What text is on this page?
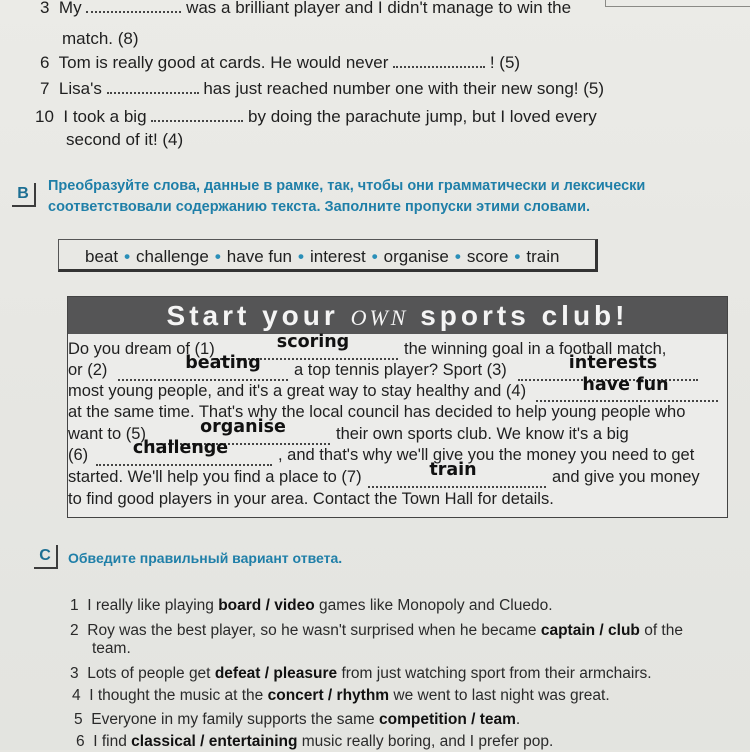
3 My	was a brilliant player and I didn't manage to win the
match. (8)
6 Tom is really good at cards. He would never	! (5)
7 Lisa's	has just reached number one with their new song! (5)
10 I took a big	by doing the parachute jump, but I loved every
second of it! (4)
B	Преобразуйте слова, данные в рамке, так, чтобы они грамматически и лексически
соответствовали содержанию текста. Заполните пропуски этими словами.
beat • challenge • have fun • interest • organise • score • train
Start your OWN sports club!
Do you dream of (1)	the winning goal in a football match,
scoring
or (2)	a top tennis player? Sport (3)
beating	interests
most young people, and it's a great way to stay healthy and (4)	have fun
at the same time. That's why the local council has decided to help young people who
want to (5)	their own sports club. We know it's a big
organise
(6)	, and that's why we'll give you the money you need to get
challenge
started. We'll help you find a place to (7)	and give you money
train
to find good players in your area. Contact the Town Hall for details.
C	Обведите правильный вариант ответа.
1 I really like playing board / video games like Monopoly and Cluedo.
2 Roy was the best player, so he wasn't surprised when he became captain / club of the
team.
3 Lots of people get defeat / pleasure from just watching sport from their armchairs.
4 I thought the music at the concert / rhythm we went to last night was great.
5 Everyone in my family supports the same competition / team.
6 I find classical / entertaining music really boring, and I prefer pop.
